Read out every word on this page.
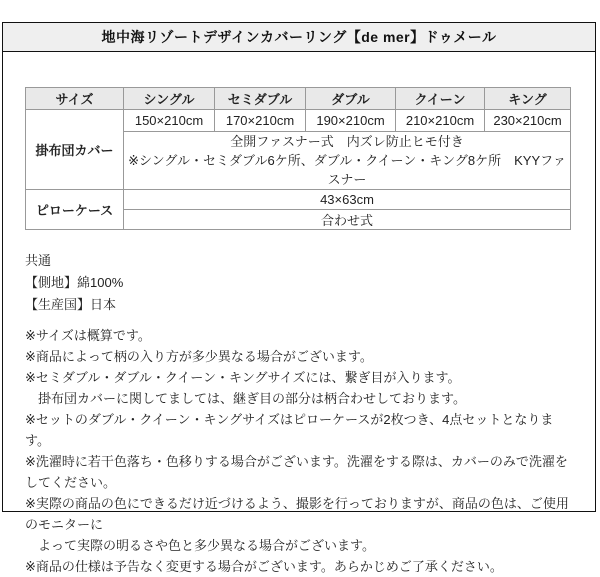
地中海リゾートデザインカバーリング【de mer】ドゥメール
サイズ	シングル	セミダブル	ダブル	クイーン	キング
掛布団カバー	150×210cm	170×210cm	190×210cm	210×210cm	230×210cm

	全開ファスナー式　内ズレ防止ヒモ付き
※シングル・セミダブル6ケ所、ダブル・クイーン・キング8ケ所　KYYファスナー				

ピローケース	43×63cm				
	合わせ式				
共通
【側地】綿100%
【生産国】日本
※サイズは概算です。
※商品によって柄の入り方が多少異なる場合がございます。
※セミダブル・ダブル・クイーン・キングサイズには、繋ぎ目が入ります。
掛布団カバーに関してましては、継ぎ目の部分は柄合わせしております。
※セットのダブル・クイーン・キングサイズはピローケースが2枚つき、4点セットとなります。
※洗濯時に若干色落ち・色移りする場合がございます。洗濯をする際は、カバーのみで洗濯をしてください。
※実際の商品の色にできるだけ近づけるよう、撮影を行っておりますが、商品の色は、ご使用のモニターに
よって実際の明るさや色と多少異なる場合がございます。
※商品の仕様は予告なく変更する場合がございます。あらかじめご了承ください。
